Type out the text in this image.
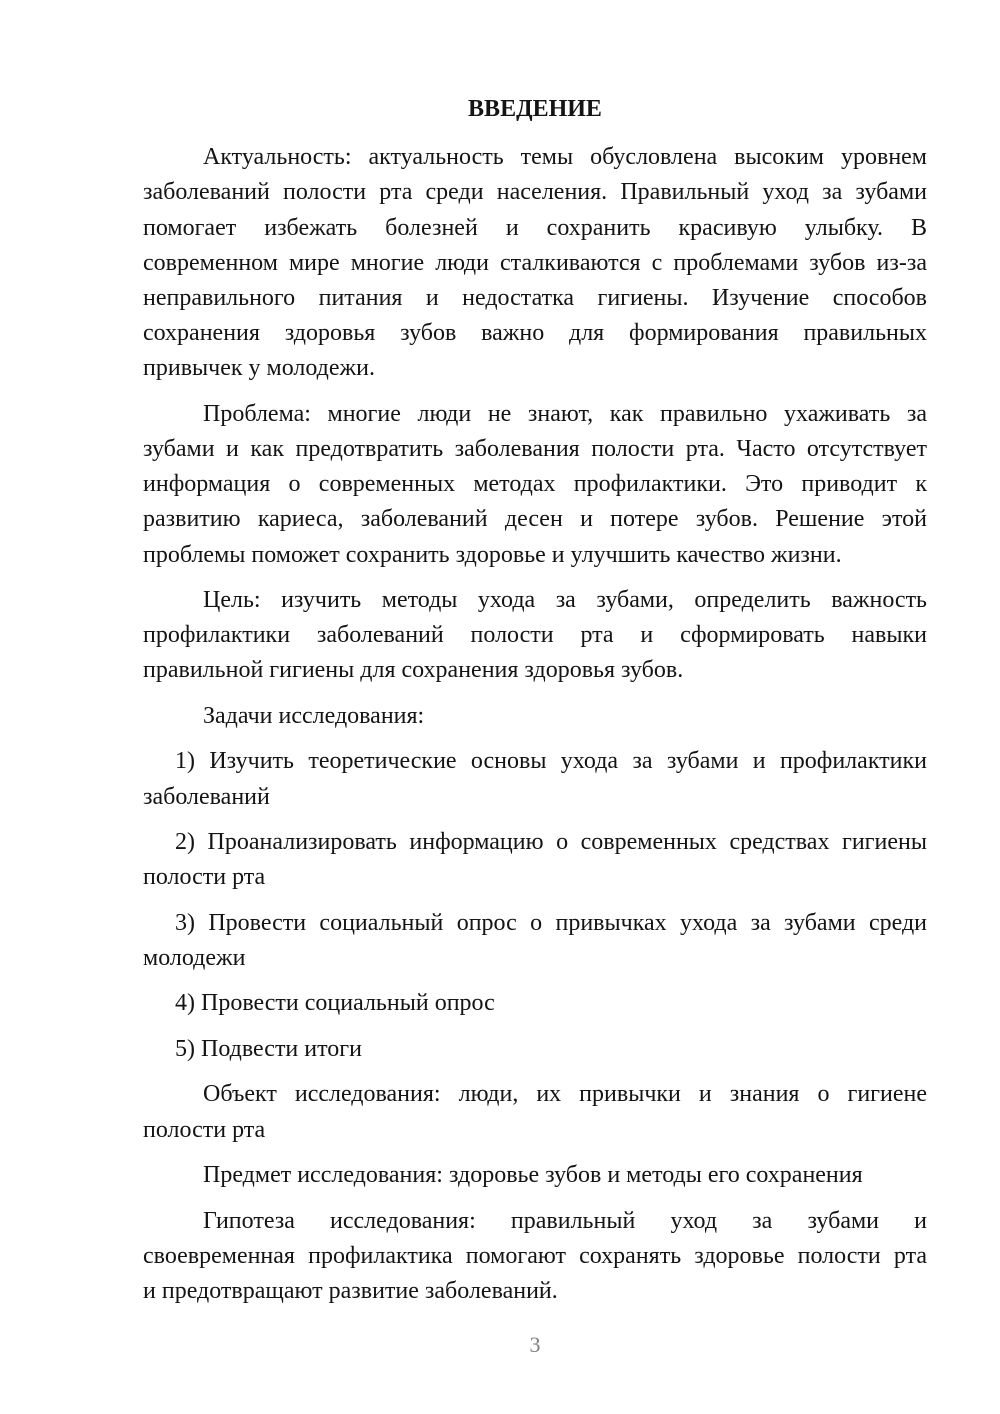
ВВЕДЕНИЕ
Актуальность: актуальность темы обусловлена высоким уровнем
заболеваний полости рта среди населения. Правильный уход за зубами
помогает избежать болезней и сохранить красивую улыбку. В
современном мире многие люди сталкиваются с проблемами зубов из-за
неправильного питания и недостатка гигиены. Изучение способов
сохранения здоровья зубов важно для формирования правильных
привычек у молодежи.
Проблема: многие люди не знают, как правильно ухаживать за
зубами и как предотвратить заболевания полости рта. Часто отсутствует
информация о современных методах профилактики. Это приводит к
развитию кариеса, заболеваний десен и потере зубов. Решение этой
проблемы поможет сохранить здоровье и улучшить качество жизни.
Цель: изучить методы ухода за зубами, определить важность
профилактики заболеваний полости рта и сформировать навыки
правильной гигиены для сохранения здоровья зубов.
Задачи исследования:
1) Изучить теоретические основы ухода за зубами и профилактики
заболеваний
2) Проанализировать информацию о современных средствах гигиены
полости рта
3) Провести социальный опрос о привычках ухода за зубами среди
молодежи
4) Провести социальный опрос
5) Подвести итоги
Объект исследования: люди, их привычки и знания о гигиене
полости рта
Предмет исследования: здоровье зубов и методы его сохранения
Гипотеза исследования: правильный уход за зубами и
своевременная профилактика помогают сохранять здоровье полости рта
и предотвращают развитие заболеваний.
3
